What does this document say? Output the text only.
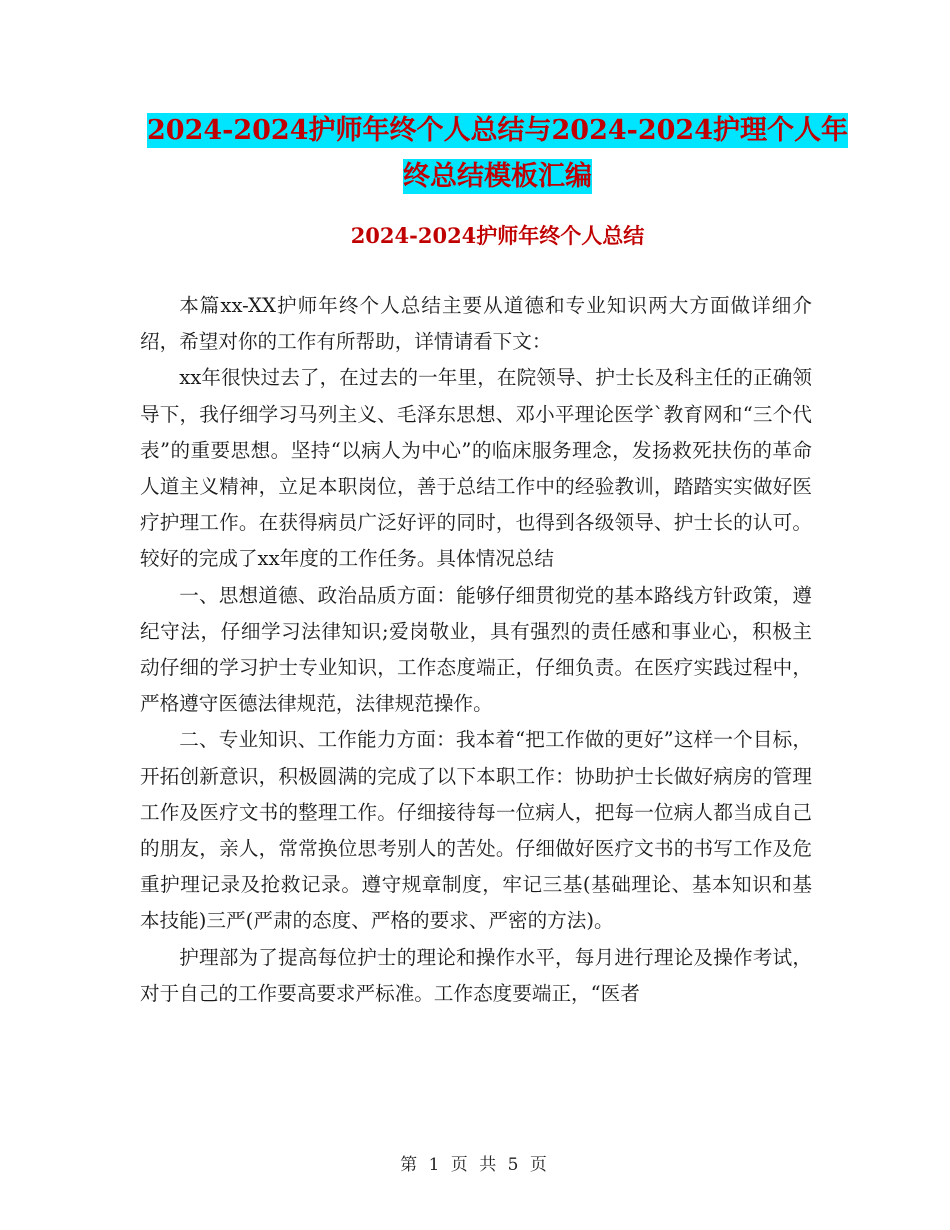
2024-2024护师年终个人总结与2024-2024护理个人年终总结模板汇编
2024-2024护师年终个人总结

本篇xx-XX护师年终个人总结主要从道德和专业知识两大方面做详细介绍，希望对你的工作有所帮助，详情请看下文：

xx年很快过去了，在过去的一年里，在院领导、护士长及科主任的正确领导下，我仔细学习马列主义、毛泽东思想、邓小平理论医学`教育网和“三个代表”的重要思想。坚持“以病人为中心”的临床服务理念，发扬救死扶伤的革命人道主义精神，立足本职岗位，善于总结工作中的经验教训，踏踏实实做好医疗护理工作。在获得病员广泛好评的同时，也得到各级领导、护士长的认可。较好的完成了xx年度的工作任务。具体情况总结

一、思想道德、政治品质方面：能够仔细贯彻党的基本路线方针政策，遵纪守法，仔细学习法律知识;爱岗敬业，具有强烈的责任感和事业心，积极主动仔细的学习护士专业知识，工作态度端正，仔细负责。在医疗实践过程中，严格遵守医德法律规范，法律规范操作。

二、专业知识、工作能力方面：我本着“把工作做的更好”这样一个目标，开拓创新意识，积极圆满的完成了以下本职工作：协助护士长做好病房的管理工作及医疗文书的整理工作。仔细接待每一位病人，把每一位病人都当成自己的朋友，亲人，常常换位思考别人的苦处。仔细做好医疗文书的书写工作及危重护理记录及抢救记录。遵守规章制度，牢记三基(基础理论、基本知识和基本技能)三严(严肃的态度、严格的要求、严密的方法)。

护理部为了提高每位护士的理论和操作水平，每月进行理论及操作考试，对于自己的工作要高要求严标准。工作态度要端正，“医者

第 1 页 共 5 页
